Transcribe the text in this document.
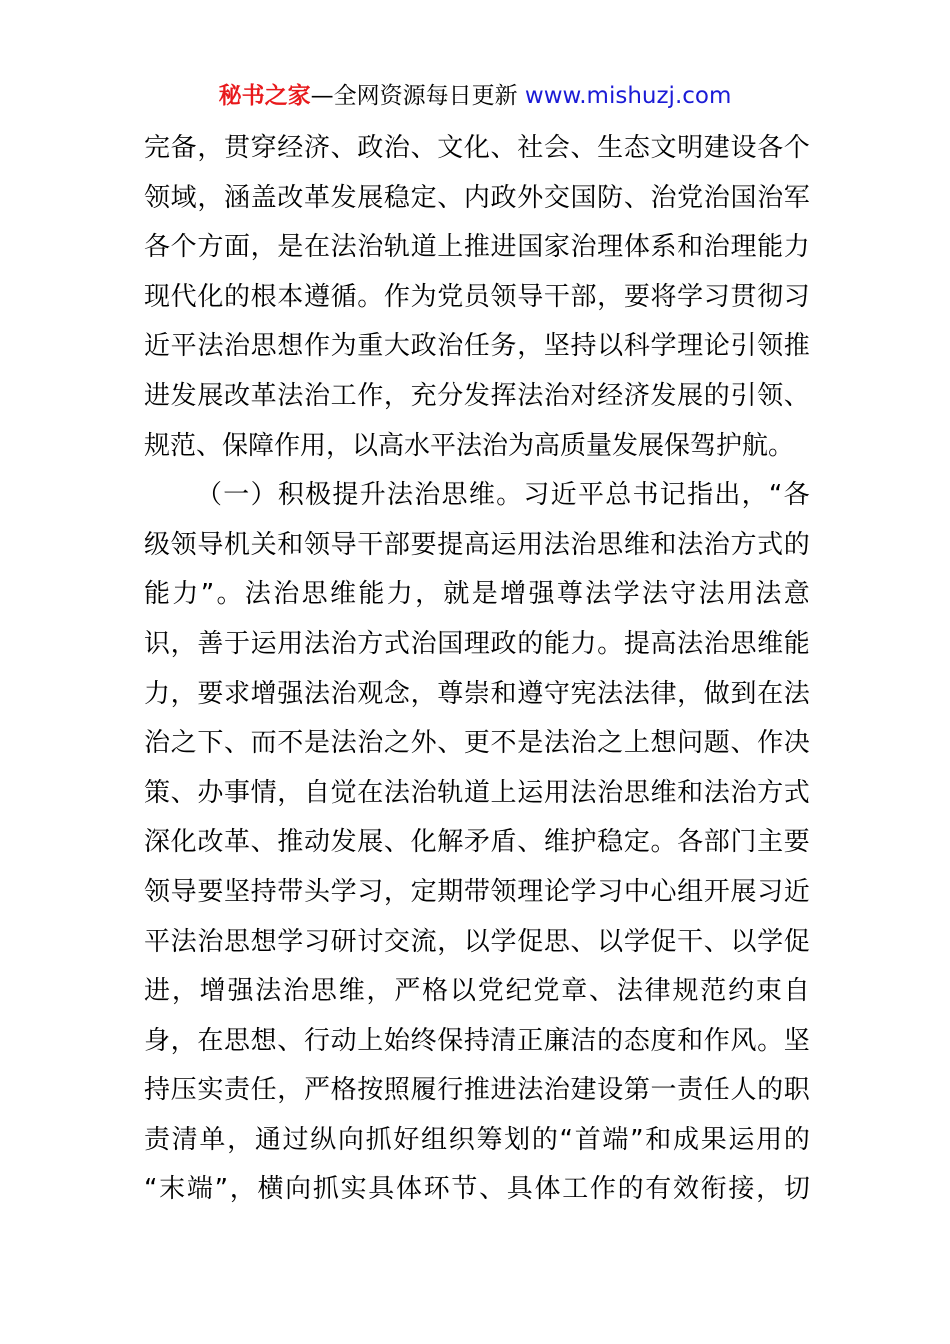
秘书之家—全网资源每日更新 www.mishuzj.com
完 备 ， 贯 穿 经 济 、 政 治 、 文 化 、 社 会 、 生 态 文 明 建 设 各 个
领 域 ， 涵 盖 改 革 发 展 稳 定 、 内 政 外 交 国 防 、 治 党 治 国 治 军
各 个 方 面 ， 是 在 法 治 轨 道 上 推 进 国 家 治 理 体 系 和 治 理 能 力
现 代 化 的 根 本 遵 循 。 作 为 党 员 领 导 干 部 ， 要 将 学 习 贯 彻 习
近 平 法 治 思 想 作 为 重 大 政 治 任 务 ， 坚 持 以 科 学 理 论 引 领 推
进 发 展 改 革 法 治 工 作 ， 充 分 发 挥 法 治 对 经 济 发 展 的 引 领 、
规范、保障作用，以高水平法治为高质量发展保驾护航。
（ 一 ） 积 极 提 升 法 治 思 维 。 习 近 平 总 书 记 指 出 ， “ 各
级 领 导 机 关 和 领 导 干 部 要 提 高 运 用 法 治 思 维 和 法 治 方 式 的
能 力 ” 。 法 治 思 维 能 力 ， 就 是 增 强 尊 法 学 法 守 法 用 法 意
识 ， 善 于 运 用 法 治 方 式 治 国 理 政 的 能 力 。 提 高 法 治 思 维 能
力 ， 要 求 增 强 法 治 观 念 ， 尊 崇 和 遵 守 宪 法 法 律 ， 做 到 在 法
治 之 下 、 而 不 是 法 治 之 外 、 更 不 是 法 治 之 上 想 问 题 、 作 决
策 、 办 事 情 ， 自 觉 在 法 治 轨 道 上 运 用 法 治 思 维 和 法 治 方 式
深 化 改 革 、 推 动 发 展 、 化 解 矛 盾 、 维 护 稳 定 。 各 部 门 主 要
领 导 要 坚 持 带 头 学 习 ， 定 期 带 领 理 论 学 习 中 心 组 开 展 习 近
平 法 治 思 想 学 习 研 讨 交 流 ， 以 学 促 思 、 以 学 促 干 、 以 学 促
进 ， 增 强 法 治 思 维 ， 严 格 以 党 纪 党 章 、 法 律 规 范 约 束 自
身 ， 在 思 想 、 行 动 上 始 终 保 持 清 正 廉 洁 的 态 度 和 作 风 。 坚
持 压 实 责 任 ， 严 格 按 照 履 行 推 进 法 治 建 设 第 一 责 任 人 的 职
责 清 单 ， 通 过 纵 向 抓 好 组 织 筹 划 的 “ 首 端 ” 和 成 果 运 用 的
“ 末 端 ” ， 横 向 抓 实 具 体 环 节 、 具 体 工 作 的 有 效 衔 接 ， 切
